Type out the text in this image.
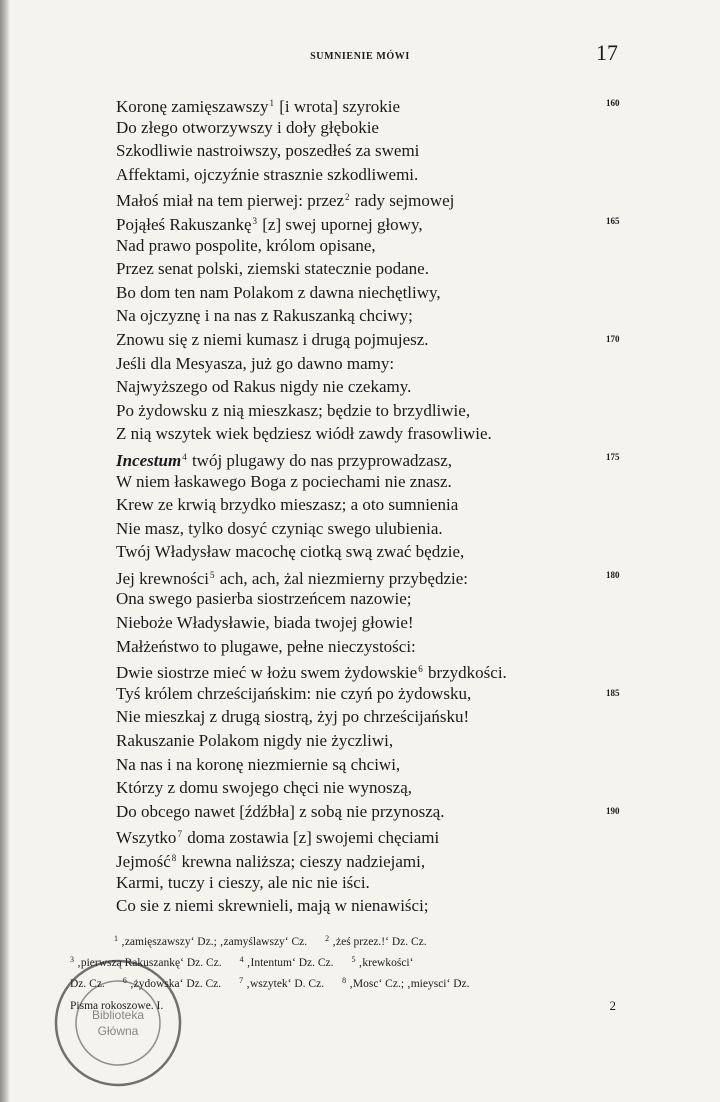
SUMNIENIE MÓWI	17
Koronę zamięszawszy$^1$ [i wrota] szyrokie	160
Do złego otworzywszy i doły głębokie
Szkodliwie nastroiwszy, poszedłeś za swemi
Affektami, ojczyźnie strasznie szkodliwemi.
Małoś miał na tem pierwej: przez$^2$ rady sejmowej
Pojąłeś Rakuszankę$^3$ [z] swej upornej głowy,	165
Nad prawo pospolite, królom opisane,
Przez senat polski, ziemski statecznie podane.
Bo dom ten nam Polakom z dawna niechętliwy,
Na ojczyznę i na nas z Rakuszanką chciwy;
Znowu się z niemi kumasz i drugą pojmujesz.	170
Jeśli dla Mesyasza, już go dawno mamy:
Najwyższego od Rakus nigdy nie czekamy.
Po żydowsku z nią mieszkasz; będzie to brzydliwie,
Z nią wszytek wiek będziesz wiódł zawdy frasowliwie.
Incestum$^4$ twój plugawy do nas przyprowadzasz,	175
W niem łaskawego Boga z pociechami nie znasz.
Krew ze krwią brzydko mieszasz; a oto sumnienia
Nie masz, tylko dosyć czyniąc swego ulubienia.
Twój Władysław macochę ciotką swą zwać będzie,
Jej krewności$^5$ ach, ach, żal niezmierny przybędzie:	180
Ona swego pasierba siostrzeńcem nazowie;
Nieboże Władysławie, biada twojej głowie!
Małżeństwo to plugawe, pełne nieczystości:
Dwie siostrze mieć w łożu swem żydowskie$^6$ brzydkości.
Tyś królem chrześcijańskim: nie czyń po żydowsku,	185
Nie mieszkaj z drugą siostrą, żyj po chrześcijańsku!
Rakuszanie Polakom nigdy nie życzliwi,
Na nas i na koronę niezmiernie są chciwi,
Którzy z domu swojego chęci nie wynoszą,
Do obcego nawet [źdźbła] z sobą nie przynoszą.	190
Wszytko$^7$ doma zostawia [z] swojemi chęciami
Jejmość$^8$ krewna naliższa; cieszy nadziejami,
Karmi, tuczy i cieszy, ale nic nie iści.
Co sie z niemi skrewnieli, mają w nienawiści;
$^1$ ‚zamięszawszy‘ Dz.; ‚zamyślawszy‘ Cz. $^2$ ‚żeś przez.!‘ Dz. Cz.
$^3$ ‚pierwszą Rakuszankę‘ Dz. Cz. $^4$ ‚Intentum‘ Dz. Cz. $^5$ ‚krewkości‘
Dz. Cz. $^6$ ‚żydowska‘ Dz. Cz. $^7$ ‚wszytek‘ D. Cz. $^8$ ‚Mosc‘ Cz.; ‚mieysci‘ Dz.
Pisma rokoszowe. I.	2
Biblioteka
Główna
